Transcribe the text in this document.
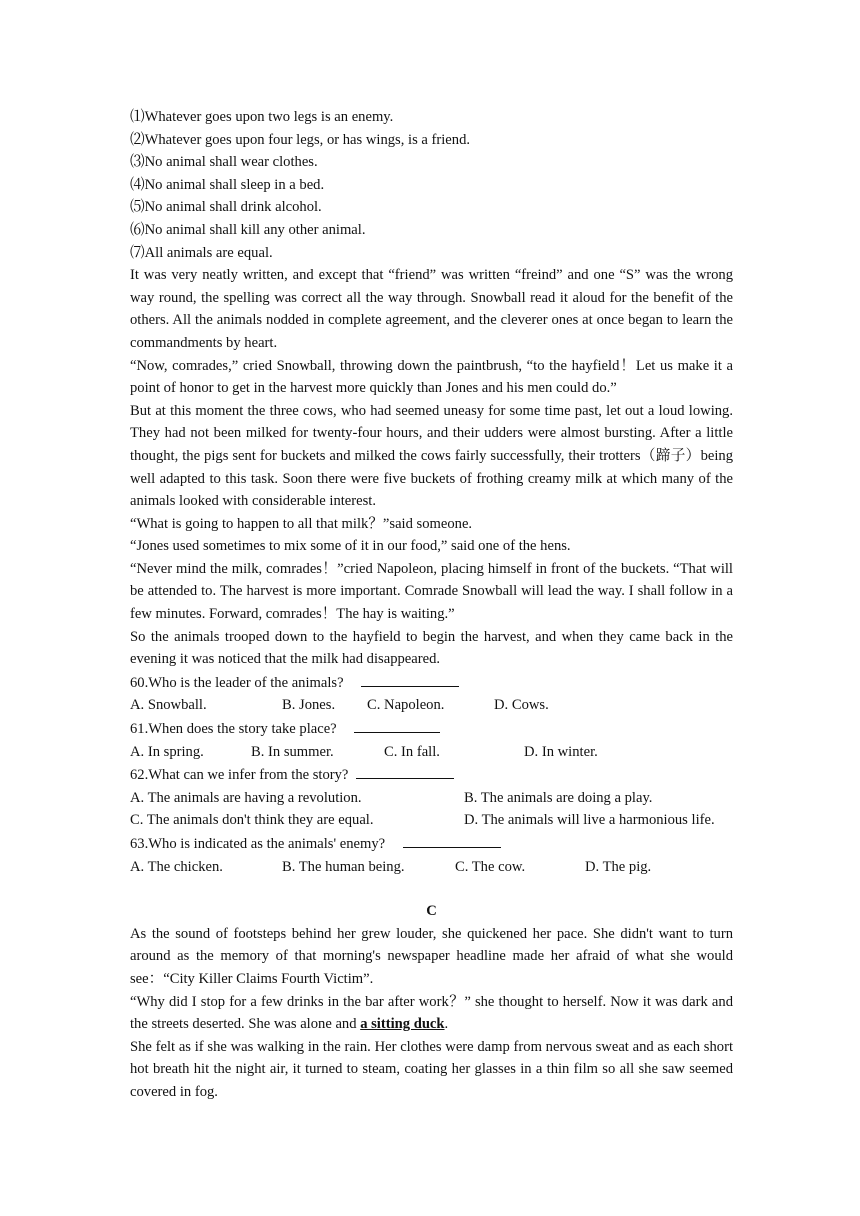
⑴Whatever goes upon two legs is an enemy.
⑵Whatever goes upon four legs, or has wings, is a friend.
⑶No animal shall wear clothes.
⑷No animal shall sleep in a bed.
⑸No animal shall drink alcohol.
⑹No animal shall kill any other animal.
⑺All animals are equal.
It was very neatly written, and except that “friend” was written “freind” and one “S” was the wrong way round, the spelling was correct all the way through. Snowball read it aloud for the benefit of the others. All the animals nodded in complete agreement, and the cleverer ones at once began to learn the commandments by heart.
“Now, comrades,” cried Snowball, throwing down the paintbrush, “to the hayfield！Let us make it a point of honor to get in the harvest more quickly than Jones and his men could do.”
But at this moment the three cows, who had seemed uneasy for some time past, let out a loud lowing. They had not been milked for twenty-four hours, and their udders were almost bursting. After a little thought, the pigs sent for buckets and milked the cows fairly successfully, their trotters（蹄子）being well adapted to this task. Soon there were five buckets of frothing creamy milk at which many of the animals looked with considerable interest.
“What is going to happen to all that milk？”said someone.
“Jones used sometimes to mix some of it in our food,” said one of the hens.
“Never mind the milk, comrades！”cried Napoleon, placing himself in front of the buckets. “That will be attended to. The harvest is more important. Comrade Snowball will lead the way. I shall follow in a few minutes. Forward, comrades！The hay is waiting.”
So the animals trooped down to the hayfield to begin the harvest, and when they came back in the evening it was noticed that the milk had disappeared.
60.Who is the leader of the animals?
A. Snowball.	B. Jones.	C. Napoleon.	D. Cows.
61.When does the story take place?
A. In spring.	B. In summer.	C. In fall.	D. In winter.
62.What can we infer from the story?
A. The animals are having a revolution.	B. The animals are doing a play.
C. The animals don't think they are equal.	D. The animals will live a harmonious life.
63.Who is indicated as the animals' enemy?
A. The chicken.	B. The human being.	C. The cow.	D. The pig.
C
As the sound of footsteps behind her grew louder, she quickened her pace. She didn't want to turn around as the memory of that morning's newspaper headline made her afraid of what she would see：“City Killer Claims Fourth Victim”.
“Why did I stop for a few drinks in the bar after work？” she thought to herself. Now it was dark and the streets deserted. She was alone and a sitting duck.
She felt as if she was walking in the rain. Her clothes were damp from nervous sweat and as each short hot breath hit the night air, it turned to steam, coating her glasses in a thin film so all she saw seemed covered in fog.
